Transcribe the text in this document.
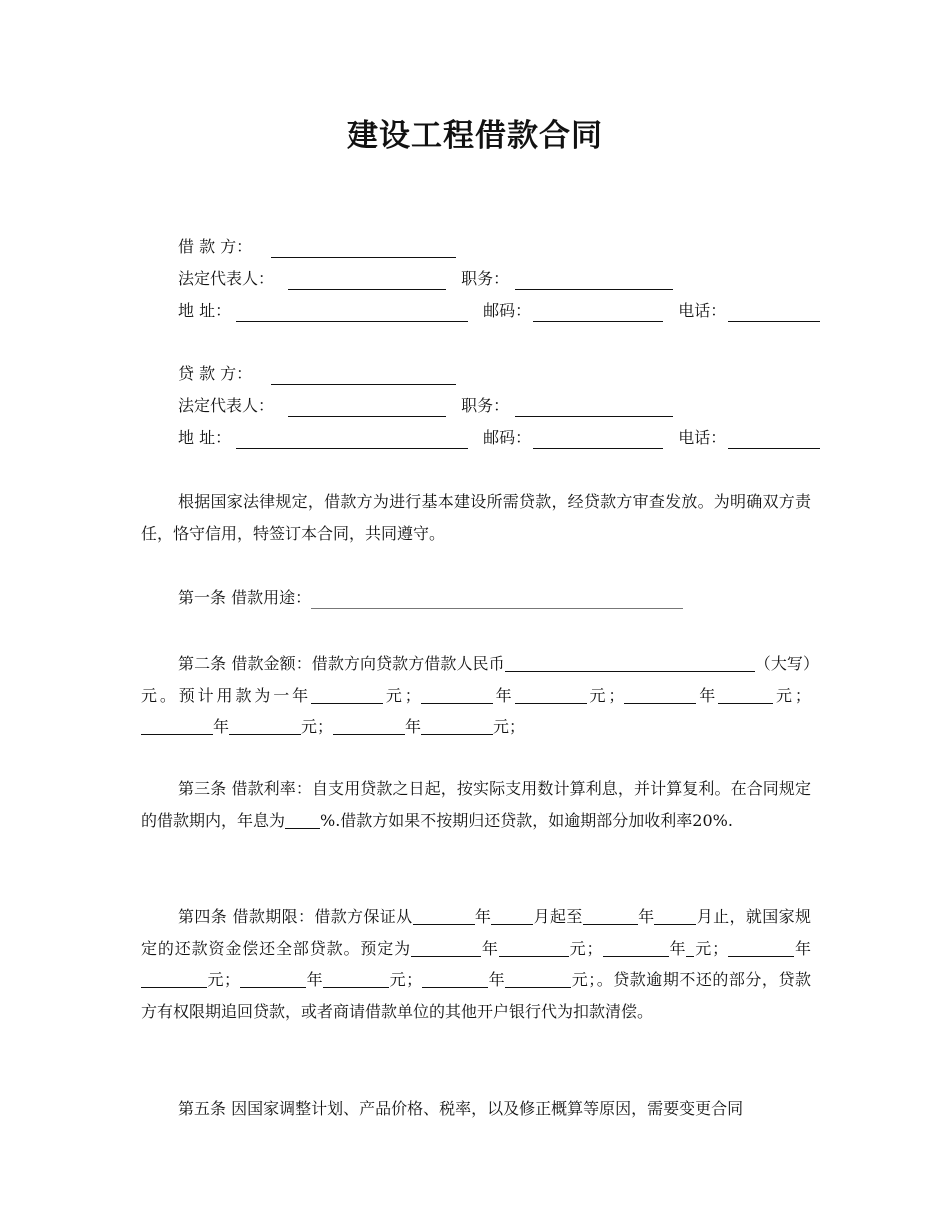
建设工程借款合同
借 款 方：
法定代表人：	职务：
地 址：	邮码：	电话：
贷 款 方：
法定代表人：	职务：
地 址：	邮码：	电话：

根据国家法律规定，借款方为进行基本建设所需贷款，经贷款方审查发放。为明确双方责任，恪守信用，特签订本合同，共同遵守。

第一条 借款用途：

第二条 借款金额：借款方向贷款方借款人民币	（大写）元。预计用款为一年	元；	年	元；	年	元；年	元；	年	元；

第三条 借款利率：自支用贷款之日起，按实际支用数计算利息，并计算复利。在合同规定的借款期内，年息为 %.借款方如果不按期归还贷款，如逾期部分加收利率20%.

第四条 借款期限：借款方保证从	年	月起至	年	月止，就国家规定的还款资金偿还全部贷款。预定为	年	元；	年 元；	年元；	年	元；	年	元；。贷款逾期不还的部分，贷款方有权限期追回贷款，或者商请借款单位的其他开户银行代为扣款清偿。

第五条 因国家调整计划、产品价格、税率，以及修正概算等原因，需要变更合同
